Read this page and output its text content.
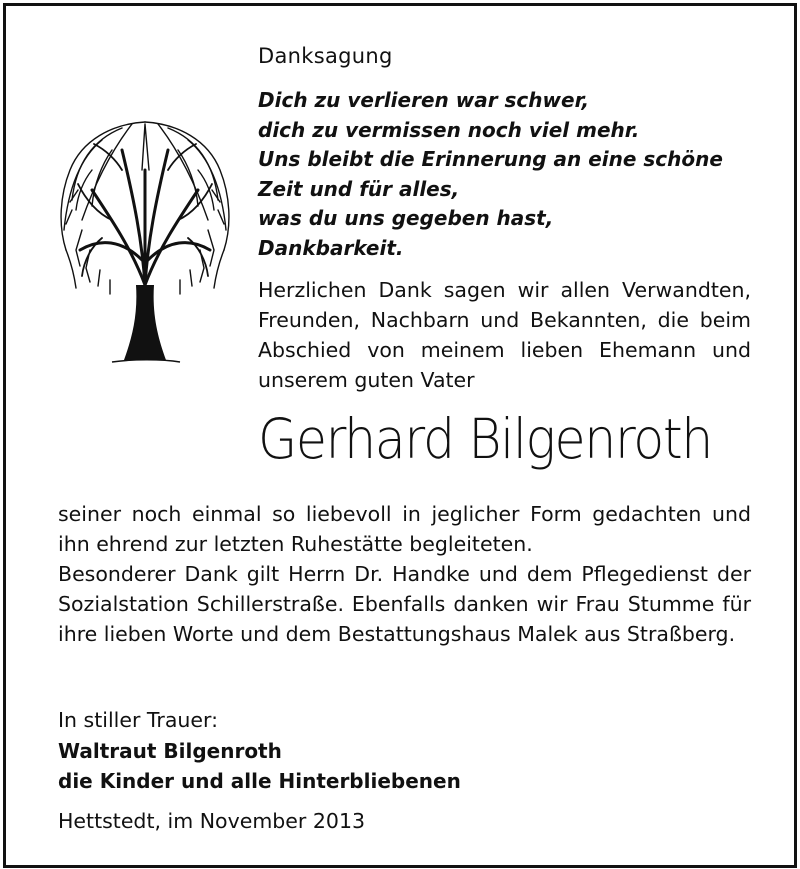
Danksagung
Dich zu verlieren war schwer,
dich zu vermissen noch viel mehr.
Uns bleibt die Erinnerung an eine schöne
Zeit und für alles,
was du uns gegeben hast,
Dankbarkeit.
Herzlichen Dank sagen wir allen Verwandten, Freunden, Nachbarn und Bekannten, die beim Abschied von meinem lieben Ehemann und unserem guten Vater
Gerhard Bilgenroth

seiner noch einmal so liebevoll in jeglicher Form gedachten und ihn ehrend zur letzten Ruhestätte begleiteten.

Besonderer Dank gilt Herrn Dr. Handke und dem Pflegedienst der Sozialstation Schillerstraße. Ebenfalls danken wir Frau Stumme für ihre lieben Worte und dem Bestattungshaus Malek aus Straßberg.

In stiller Trauer:
Waltraut Bilgenroth
die Kinder und alle Hinterbliebenen
Hettstedt, im November 2013
